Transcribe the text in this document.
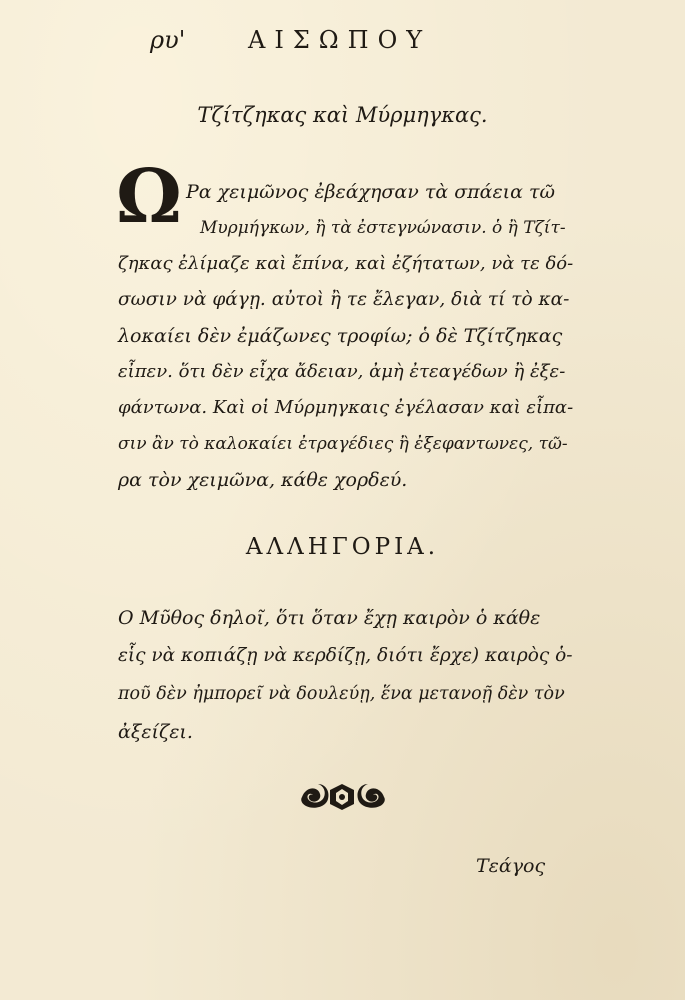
ρυ'	ΑΙΣΩΠΟΥ
Τζίτζηκας καὶ Μύρμηγκας.
Ω Ρα χειμῶνος ἐβεάχησαν τὰ σπάεια τῶ
Μυρμήγκων, ἢ τὰ ἐστεγνώνασιν. ὁ ἢ Τζίτ-
ζηκας ἐλίμαζε καὶ ἔπίνα, καὶ ἐζήτατων, νὰ τε δό-
σωσιν νὰ φάγῃ. αὐτοὶ ἢ τε ἔλεγαν, διὰ τί τὸ κα-
λοκαίει δὲν ἐμάζωνες τροφίω; ὁ δὲ Τζίτζηκας
εἶπεν. ὅτι δὲν εἶχα ἄδειαν, ἀμὴ ἐτεαγέδων ἢ ἐξε-
φάντωνα. Καὶ οἱ Μύρμηγκαις ἐγέλασαν καὶ εἶπα-
σιν ἂν τὸ καλοκαίει ἐτραγέδιες ἢ ἐξεφαντωνες, τῶ-
ρα τὸν χειμῶνα, κάθε χορδεύ.
ΑΛΛΗΓΟΡΙΑ.
Ο Μῦθος δηλοῖ, ὅτι ὅταν ἔχῃ καιρὸν ὁ κάθε
εἷς νὰ κοπιάζῃ νὰ κερδίζῃ, διότι ἔρχε) καιρὸς ὁ-
ποῦ δὲν ἠμπορεῖ νὰ δουλεύῃ, ἕνα μετανοῇ δὲν τὸν
ἀξείζει.
Τεάγος
